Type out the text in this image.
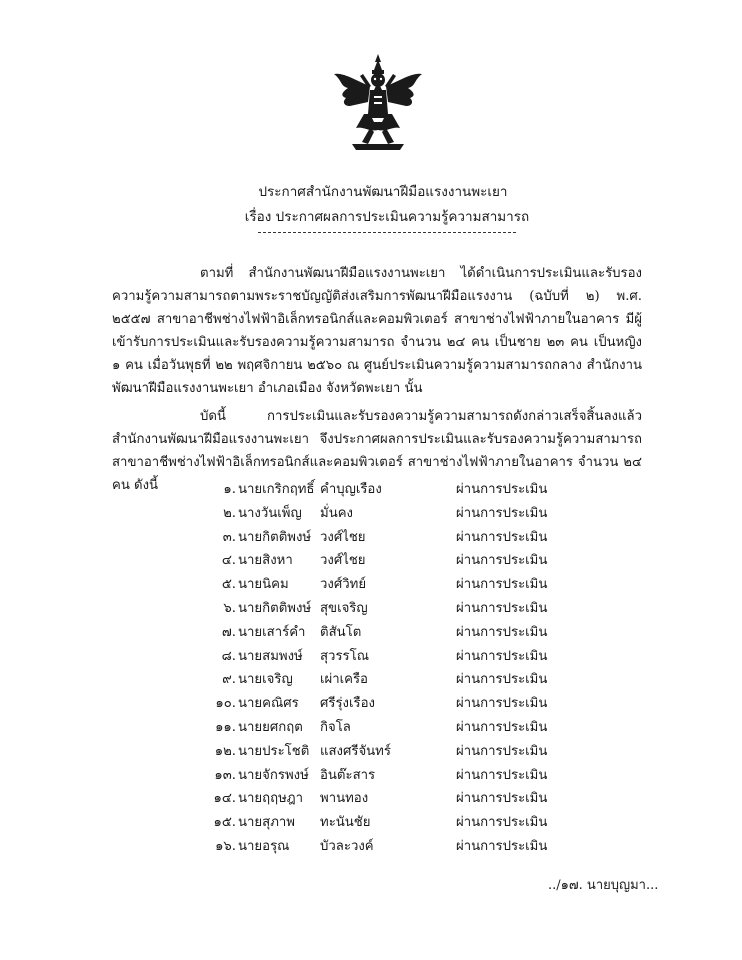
ประกาศสำนักงานพัฒนาฝีมือแรงงานพะเยา
เรื่อง ประกาศผลการประเมินความรู้ความสามารถ
ตามที่ สำนักงานพัฒนาฝีมือแรงงานพะเยา ได้ดำเนินการประเมินและรับรองความรู้ความสามารถตามพระราชบัญญัติส่งเสริมการพัฒนาฝีมือแรงงาน (ฉบับที่ ๒) พ.ศ. ๒๕๕๗ สาขาอาชีพช่างไฟฟ้าอิเล็กทรอนิกส์และคอมพิวเตอร์ สาขาช่างไฟฟ้าภายในอาคาร มีผู้เข้ารับการประเมินและรับรองความรู้ความสามารถ จำนวน ๒๔ คน เป็นชาย ๒๓ คน เป็นหญิง ๑ คน เมื่อวันพุธที่ ๒๒ พฤศจิกายน ๒๕๖๐ ณ ศูนย์ประเมินความรู้ความสามารถกลาง สำนักงานพัฒนาฝีมือแรงงานพะเยา อำเภอเมือง จังหวัดพะเยา นั้น
บัดนี้ การประเมินและรับรองความรู้ความสามารถดังกล่าวเสร็จสิ้นลงแล้ว สำนักงานพัฒนาฝีมือแรงงานพะเยา จึงประกาศผลการประเมินและรับรองความรู้ความสามารถ สาขาอาชีพช่างไฟฟ้าอิเล็กทรอนิกส์และคอมพิวเตอร์ สาขาช่างไฟฟ้าภายในอาคาร จำนวน ๒๔ คน ดังนี้	๑. นายเกริกฤทธิ์ คำบุญเรือง	ผ่านการประเมิน
๒. นางวันเพ็ญ มั่นคง	ผ่านการประเมิน
๓. นายกิตติพงษ์ วงศ์ไชย	ผ่านการประเมิน
๔. นายสิงหา วงศ์ไชย	ผ่านการประเมิน
๕. นายนิคม วงศ์วิทย์	ผ่านการประเมิน
๖. นายกิตติพงษ์ สุขเจริญ	ผ่านการประเมิน
๗. นายเสาร์คำ ติสันโต	ผ่านการประเมิน
๘. นายสมพงษ์ สุวรรโณ	ผ่านการประเมิน
๙. นายเจริญ เผ่าเครือ	ผ่านการประเมิน
๑๐. นายคณิศร ศรีรุ่งเรือง	ผ่านการประเมิน
๑๑. นายยศกฤต กิจโล	ผ่านการประเมิน
๑๒. นายประโชติ แสงศรีจันทร์	ผ่านการประเมิน
๑๓. นายจักรพงษ์ อินต๊ะสาร	ผ่านการประเมิน
๑๔. นายฤฤษฎา พานทอง	ผ่านการประเมิน
๑๕. นายสุภาพ ทะนันชัย	ผ่านการประเมิน
๑๖. นายอรุณ บัวละวงค์	ผ่านการประเมิน
../๑๗. นายบุญมา...
